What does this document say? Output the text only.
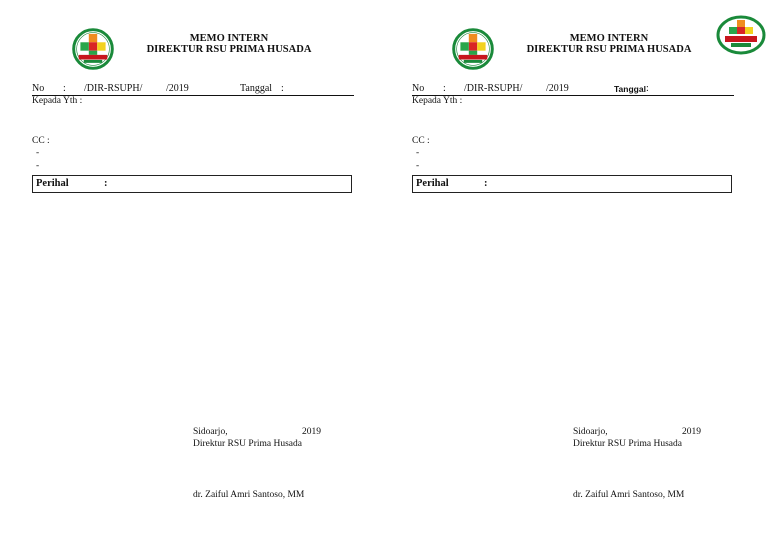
MEMO INTERN
DIREKTUR RSU PRIMA HUSADA
No : /DIR-RSUPH/ /2019	Tanggal :
Kepada Yth :
CC :
-
-
Perihal	:
Sidoarjo,	2019
Direktur RSU Prima Husada
dr. Zaiful Amri Santoso, MM
MEMO INTERN
DIREKTUR RSU PRIMA HUSADA
No : /DIR-RSUPH/ /2019	Tanggal :
Kepada Yth :
CC :
-
-
Perihal	:
Sidoarjo,	2019
Direktur RSU Prima Husada
dr. Zaiful Amri Santoso, MM
